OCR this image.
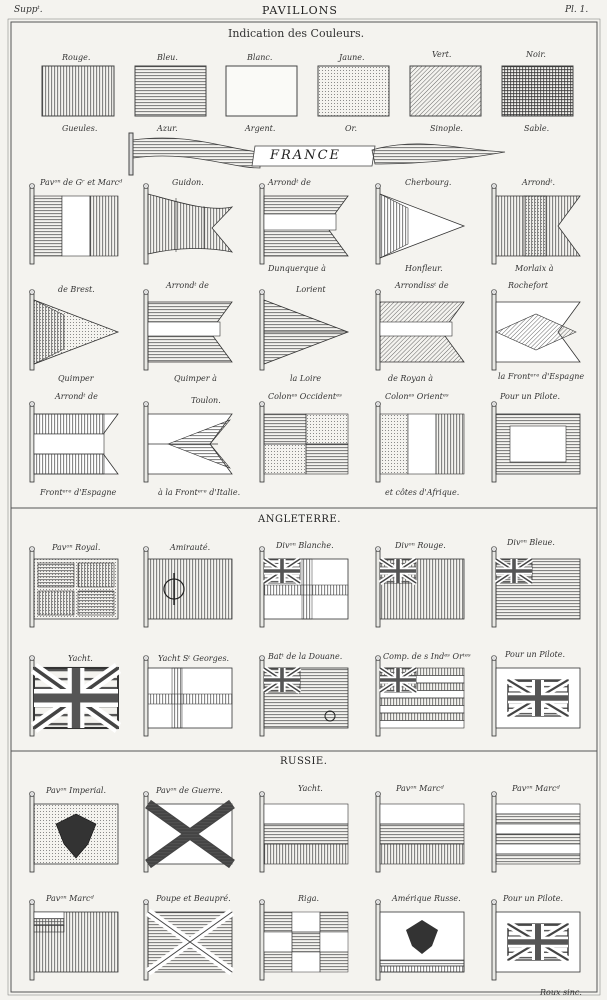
Suppᵗ.	PAVILLONS	Pl. 1.
Indication des Couleurs.
Rouge.	Bleu.	Blanc.	Jaune.	Vert.	Noir.
Gueules.	Azur.	Argent.	Or.	Sinople.	Sable.
FRANCE
Pavᵒⁿ de Gʳ et Marcᵈ	Guidon.	Arrondᵗ de	Cherbourg.	Arrondᵗ.
Dunquerque à	Honfleur.	Morlaix à
de Brest.	Arrondᵗ de	Lorient	Arrondissᵗ de	Rochefort
Quimper	Quimper à	la Loire	de Royan à	la Frontᵉʳᵉ d'Espagne
Arrondᵗ de	Toulon.	Colonᵉˢ Occidentᵉˢ	Colonᵉˢ Orientᵉˢ	Pour un Pilote.
Frontᵉʳᵉ d'Espagne	à la Frontᵉʳᵉ d'Italie.	et côtes d'Afrique.
ANGLETERRE.
Pavᵒⁿ Royal.	Amirauté.	Divᵒⁿ Blanche.	Divᵒⁿ Rouge.	Divᵒⁿ Bleue.
Yacht.	Yacht Sᵗ Georges.	Batᵗ de la Douane.	Comp. de s Indᵉˢ Orᵗᵉˢ	Pour un Pilote.
RUSSIE.
Pavᵒⁿ Imperial.	Pavᵒⁿ de Guerre.	Yacht.	Pavᵒⁿ Marcᵈ	Pavᵒⁿ Marcᵈ
Pavᵒⁿ Marcᵈ	Poupe et Beaupré.	Riga.	Amérique Russe.	Pour un Pilote.
Roux sinc.
